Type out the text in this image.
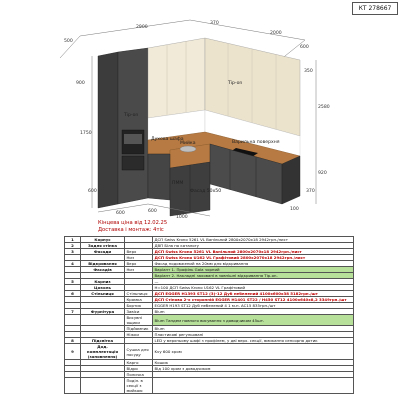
КТ 278667
370
2900
500
2000
600
2580
920
350
370
1750
900
600
600
1000
600	100
Духова шафа
Мийка
Фасад 50x50
Варильна поверхня
Tip-on
Tip-on
ПММ
Кінцева ціна від 12.02.25
Доставка і монтаж: 4тіс
1	Корпус		ДСП Swiss Krono 5261 VL Ванільний 2800x2070x18 2942грн./лист
2	Задня стінка		ДВП Біла по каталогу
3	Фасади	Верх	ДСП Swiss Krono 5261 VL Ванільний 2800x2070x18 2942грн./лист
		Низ	ДСП Swiss Krono U162 VL Графітовий 2800x2070x18 2942грн./лист
4	Відкривання	Верх	Фасад подовжений на 20мм для відкривання
	Фасадів	Низ	Варіант 1. Профіль Gola чорний
			Варіант 2. Накладні заховані в зовнішні відкривання Tip-on.
5	Карниз		—
	Цоколь		H=100 ДСП Swiss Krono U162 VL Графітовий
6	Стільниця	Стільниця	ДСП EGGER H1393 ST12 (3)-12 Дуб небелений 4100x600x38 5182грн./шт
		Кромка	ДСП Стінова 2-х сторонній EGGER H1401 ST22 / H450 ST12 4100x640x8,2 3349грн./шт
		Бортик	EGGER H193 ST12 Дуб небелений 4 1 м.п. AC15 835грн./шт
7	Фурнітура	Завіси	Blum
		Висувні ящики	Blum Тандем повного висування з доводчиком 45шт.
		Підйомник	Blum
		Ніжки	Пластикові регульовані
8	Підсвітка		LED у верхньому шафі з профілем, у дві верх. секції, вмикання сенсорна дотик
9	Дод. комплектація (заповнення)	Сушка для посуду	Kvy 600 хром
		Карго	Кошик
		Відро	Від 100 хром з доводчиком
		Поличка	
		Поділ. в секції з мийкою	
